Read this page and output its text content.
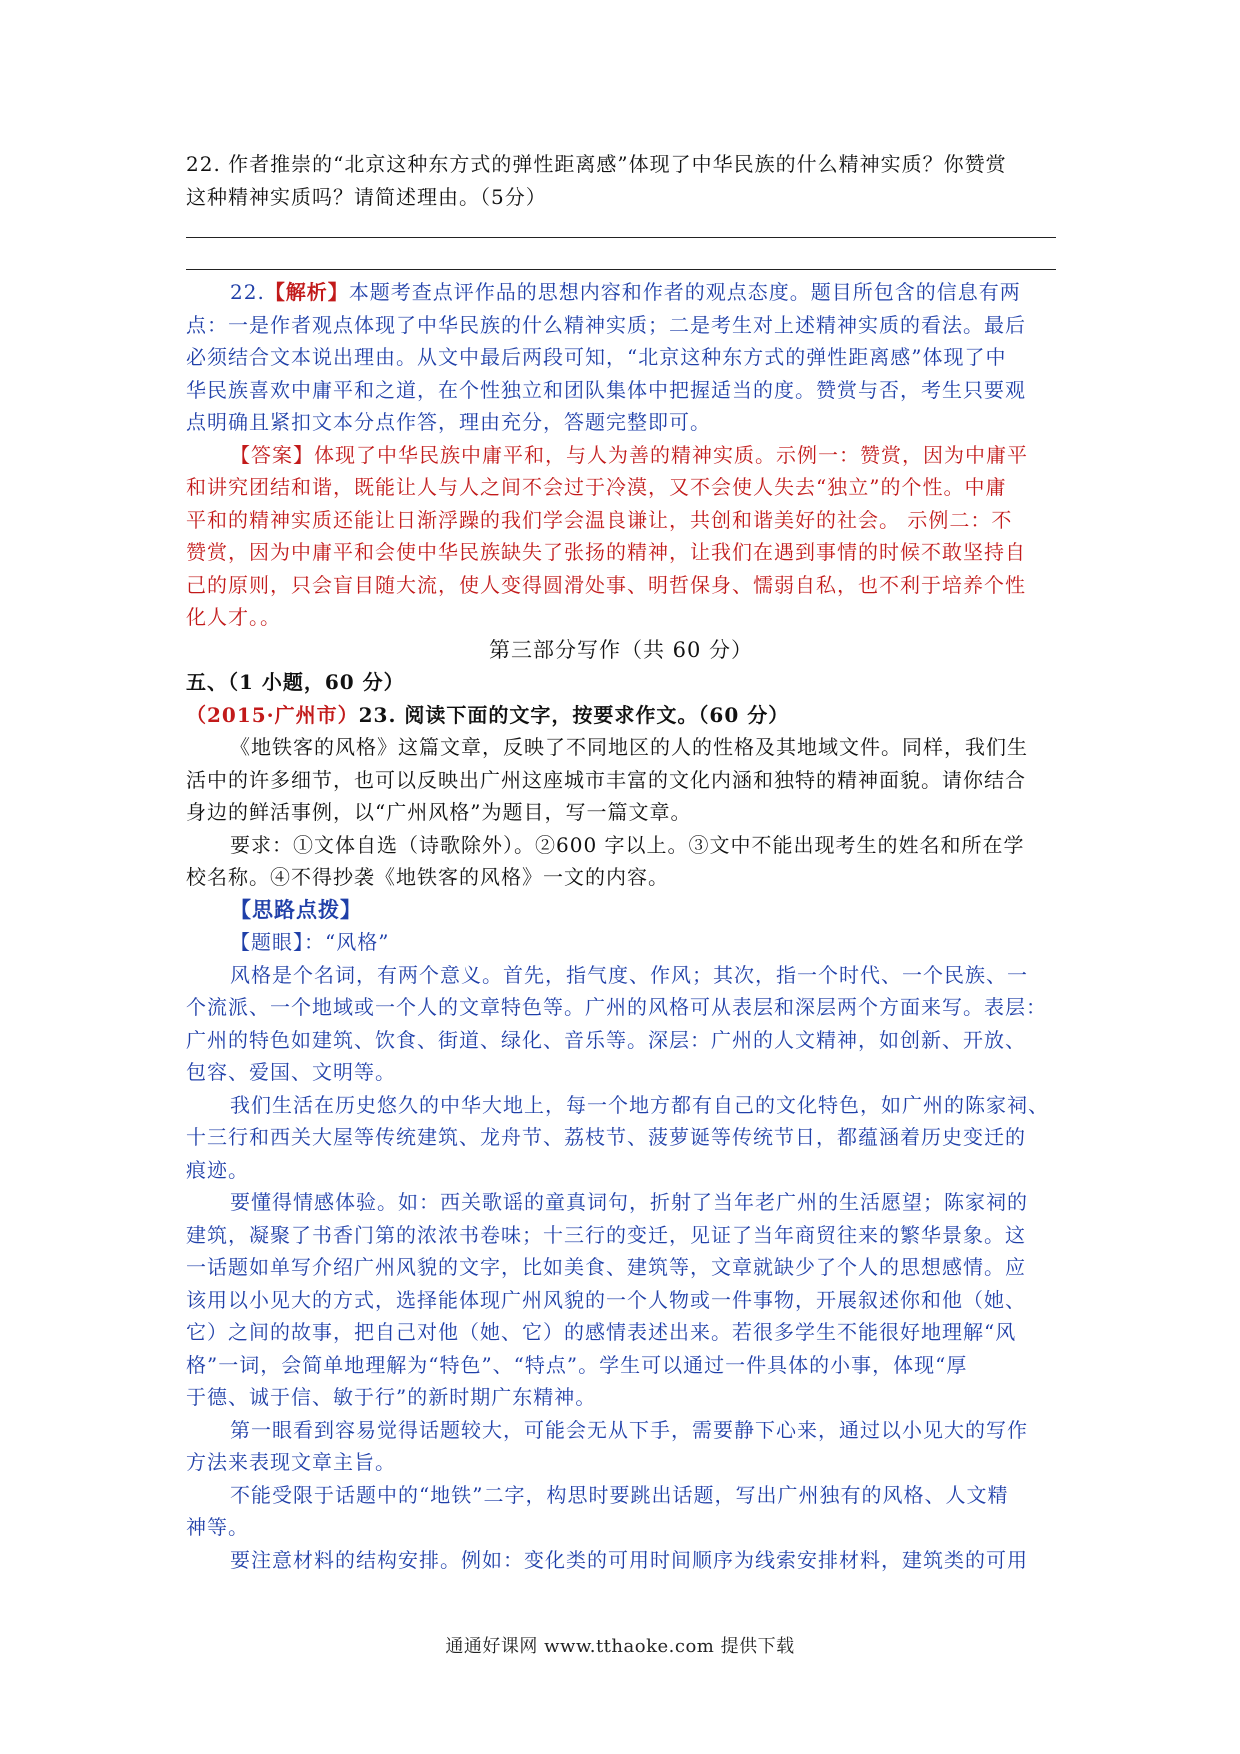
22. 作者推崇的“北京这种东方式的弹性距离感”体现了中华民族的什么精神实质？你赞赏
这种精神实质吗？请简述理由。（5分）

22.【解析】本题考查点评作品的思想内容和作者的观点态度。题目所包含的信息有两
点：一是作者观点体现了中华民族的什么精神实质；二是考生对上述精神实质的看法。最后
必须结合文本说出理由。从文中最后两段可知，“北京这种东方式的弹性距离感”体现了中
华民族喜欢中庸平和之道，在个性独立和团队集体中把握适当的度。赞赏与否，考生只要观
点明确且紧扣文本分点作答，理由充分，答题完整即可。

【答案】体现了中华民族中庸平和，与人为善的精神实质。示例一：赞赏，因为中庸平
和讲究团结和谐，既能让人与人之间不会过于冷漠，又不会使人失去“独立”的个性。中庸
平和的精神实质还能让日渐浮躁的我们学会温良谦让，共创和谐美好的社会。 示例二：不
赞赏，因为中庸平和会使中华民族缺失了张扬的精神，让我们在遇到事情的时候不敢坚持自
己的原则，只会盲目随大流，使人变得圆滑处事、明哲保身、懦弱自私，也不利于培养个性
化人才。。

第三部分写作（共 60 分）

五、（1 小题，60 分）

（2015·广州市）23. 阅读下面的文字，按要求作文。（60 分）

《地铁客的风格》这篇文章，反映了不同地区的人的性格及其地域文件。同样，我们生
活中的许多细节，也可以反映出广州这座城市丰富的文化内涵和独特的精神面貌。请你结合
身边的鲜活事例，以“广州风格”为题目，写一篇文章。

要求：①文体自选（诗歌除外）。②600 字以上。③文中不能出现考生的姓名和所在学
校名称。④不得抄袭《地铁客的风格》一文的内容。

【思路点拨】

【题眼】：“风格”

风格是个名词，有两个意义。首先，指气度、作风；其次，指一个时代、一个民族、一
个流派、一个地域或一个人的文章特色等。广州的风格可从表层和深层两个方面来写。表层：
广州的特色如建筑、饮食、街道、绿化、音乐等。深层：广州的人文精神，如创新、开放、
包容、爱国、文明等。

我们生活在历史悠久的中华大地上，每一个地方都有自己的文化特色，如广州的陈家祠、
十三行和西关大屋等传统建筑、龙舟节、荔枝节、菠萝诞等传统节日，都蕴涵着历史变迁的
痕迹。

要懂得情感体验。如：西关歌谣的童真词句，折射了当年老广州的生活愿望；陈家祠的
建筑，凝聚了书香门第的浓浓书卷味；十三行的变迁，见证了当年商贸往来的繁华景象。这
一话题如单写介绍广州风貌的文字，比如美食、建筑等，文章就缺少了个人的思想感情。应
该用以小见大的方式，选择能体现广州风貌的一个人物或一件事物，开展叙述你和他（她、
它）之间的故事，把自己对他（她、它）的感情表述出来。若很多学生不能很好地理解“风
格”一词，会简单地理解为“特色”、“特点”。学生可以通过一件具体的小事，体现“厚
于德、诚于信、敏于行”的新时期广东精神。

第一眼看到容易觉得话题较大，可能会无从下手，需要静下心来，通过以小见大的写作
方法来表现文章主旨。

不能受限于话题中的“地铁”二字，构思时要跳出话题，写出广州独有的风格、人文精
神等。

要注意材料的结构安排。例如：变化类的可用时间顺序为线索安排材料，建筑类的可用

通通好课网 www.tthaoke.com 提供下载
